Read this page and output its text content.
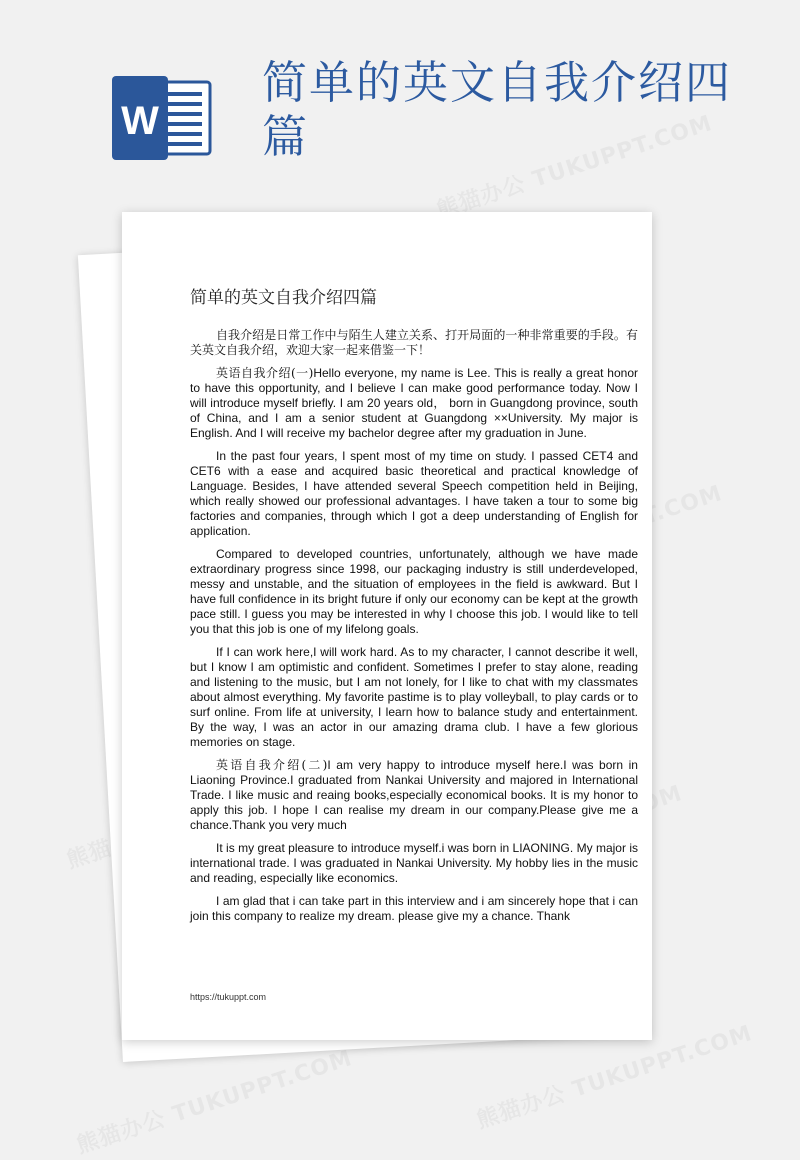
W
简单的英文自我介绍四篇
简单的英文自我介绍四篇

自我介绍是日常工作中与陌生人建立关系、打开局面的一种非常重要的手段。有关英文自我介绍，欢迎大家一起来借鉴一下！

英语自我介绍(一)Hello everyone, my name is Lee. This is really a great honor to have this opportunity, and I believe I can make good performance today. Now I will introduce myself briefly. I am 20 years old， born in Guangdong province, south of China, and I am a senior student at Guangdong ××University. My major is English. And I will receive my bachelor degree after my graduation in June.

In the past four years, I spent most of my time on study. I passed CET4 and CET6 with a ease and acquired basic theoretical and practical knowledge of Language. Besides, I have attended several Speech competition held in Beijing, which really showed our professional advantages. I have taken a tour to some big factories and companies, through which I got a deep understanding of English for application.

Compared to developed countries, unfortunately, although we have made extraordinary progress since 1998, our packaging industry is still underdeveloped, messy and unstable, and the situation of employees in the field is awkward. But I have full confidence in its bright future if only our economy can be kept at the growth pace still. I guess you may be interested in why I choose this job. I would like to tell you that this job is one of my lifelong goals.

If I can work here,I will work hard. As to my character, I cannot describe it well, but I know I am optimistic and confident. Sometimes I prefer to stay alone, reading and listening to the music, but I am not lonely, for I like to chat with my classmates about almost everything. My favorite pastime is to play volleyball, to play cards or to surf online. From life at university, I learn how to balance study and entertainment. By the way, I was an actor in our amazing drama club. I have a few glorious memories on stage.

英语自我介绍(二)I am very happy to introduce myself here.I was born in Liaoning Province.I graduated from Nankai University and majored in International Trade. I like music and reaing books,especially economical books. It is my honor to apply this job. I hope I can realise my dream in our company.Please give me a chance.Thank you very much

It is my great pleasure to introduce myself.i was born in LIAONING. My major is international trade. I was graduated in Nankai University. My hobby lies in the music and reading, especially like economics.

I am glad that i can take part in this interview and i am sincerely hope that i can join this company to realize my dream. please give my a chance. Thank

https://tukuppt.com
